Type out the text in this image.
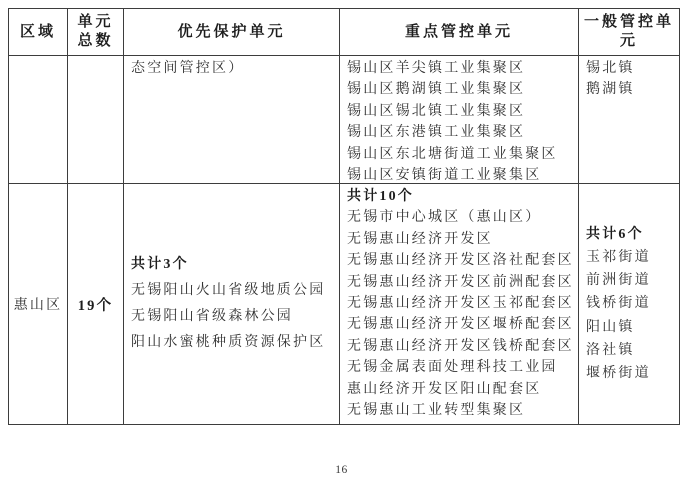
区域
单元
总数
优先保护单元	重点管控单元
一般管控单元
态空间管控区）	锡山区羊尖镇工业集聚区
锡山区鹅湖镇工业集聚区
锡山区锡北镇工业集聚区
锡山区东港镇工业集聚区
锡山区东北塘街道工业集聚区
锡山区安镇街道工业聚集区
锡北镇
鹅湖镇
惠山区 19个
共计3个
无锡阳山火山省级地质公园
无锡阳山省级森林公园
阳山水蜜桃种质资源保护区
共计10个
无锡市中心城区（惠山区）
无锡惠山经济开发区
无锡惠山经济开发区洛社配套区
无锡惠山经济开发区前洲配套区
无锡惠山经济开发区玉祁配套区
无锡惠山经济开发区堰桥配套区
无锡惠山经济开发区钱桥配套区
无锡金属表面处理科技工业园
惠山经济开发区阳山配套区
无锡惠山工业转型集聚区
共计6个
玉祁街道
前洲街道
钱桥街道
阳山镇
洛社镇
堰桥街道
16
